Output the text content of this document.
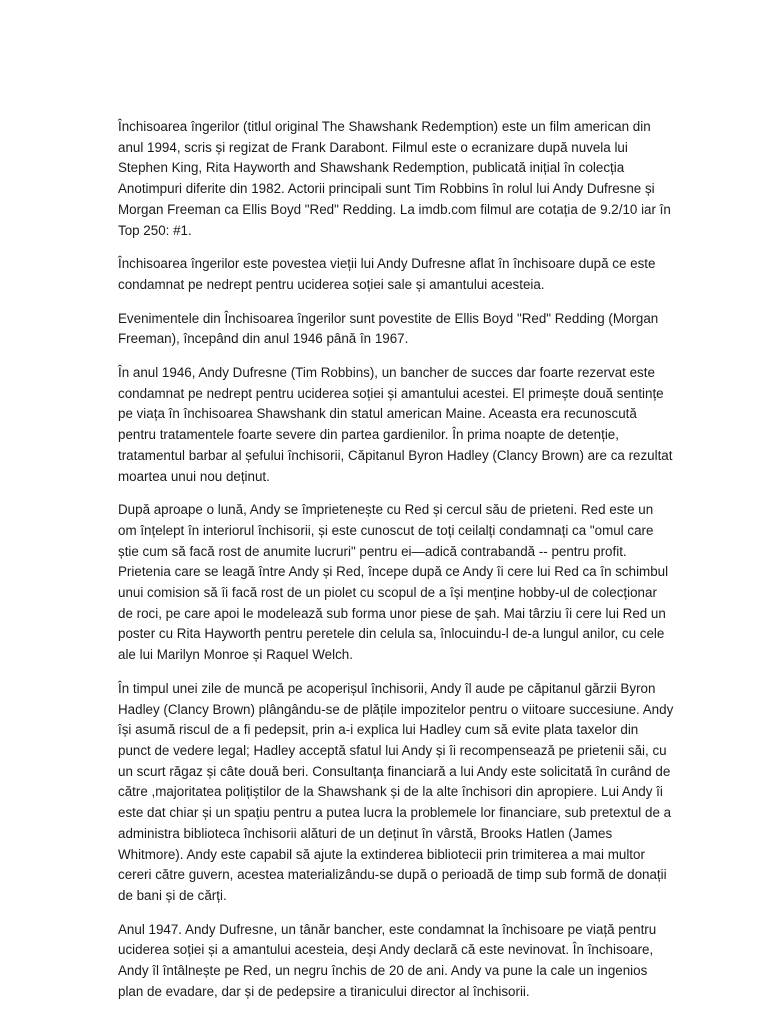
Închisoarea îngerilor (titlul original The Shawshank Redemption) este un film american din anul 1994, scris și regizat de Frank Darabont. Filmul este o ecranizare după nuvela lui Stephen King, Rita Hayworth and Shawshank Redemption, publicată inițial în colecția Anotimpuri diferite din 1982. Actorii principali sunt Tim Robbins în rolul lui Andy Dufresne și Morgan Freeman ca Ellis Boyd "Red" Redding. La imdb.com filmul are cotația de 9.2/10 iar în Top 250: #1.

Închisoarea îngerilor este povestea vieții lui Andy Dufresne aflat în închisoare după ce este condamnat pe nedrept pentru uciderea soției sale și amantului acesteia.

Evenimentele din Închisoarea îngerilor sunt povestite de Ellis Boyd "Red" Redding (Morgan Freeman), începând din anul 1946 până în 1967.

În anul 1946, Andy Dufresne (Tim Robbins), un bancher de succes dar foarte rezervat este condamnat pe nedrept pentru uciderea soției și amantului acestei. El primește două sentințe pe viața în închisoarea Shawshank din statul american Maine. Aceasta era recunoscută pentru tratamentele foarte severe din partea gardienilor. În prima noapte de detenție, tratamentul barbar al șefului închisorii, Căpitanul Byron Hadley (Clancy Brown) are ca rezultat moartea unui nou deținut.

După aproape o lună, Andy se împrietenește cu Red și cercul său de prieteni. Red este un om înțelept în interiorul închisorii, și este cunoscut de toți ceilalți condamnați ca "omul care știe cum să facă rost de anumite lucruri" pentru ei—adică contrabandă -- pentru profit. Prietenia care se leagă între Andy și Red, începe după ce Andy îi cere lui Red ca în schimbul unui comision să îi facă rost de un piolet cu scopul de a își menține hobby-ul de colecționar de roci, pe care apoi le modelează sub forma unor piese de șah. Mai târziu îi cere lui Red un poster cu Rita Hayworth pentru peretele din celula sa, înlocuindu-l de-a lungul anilor, cu cele ale lui Marilyn Monroe și Raquel Welch.

În timpul unei zile de muncă pe acoperișul închisorii, Andy îl aude pe căpitanul gărzii Byron Hadley (Clancy Brown) plângându-se de plățile impozitelor pentru o viitoare succesiune. Andy își asumă riscul de a fi pedepsit, prin a-i explica lui Hadley cum să evite plata taxelor din punct de vedere legal; Hadley acceptă sfatul lui Andy și îi recompensează pe prietenii săi, cu un scurt răgaz și câte două beri. Consultanța financiară a lui Andy este solicitată în curând de către ,majoritatea polițiștilor de la Shawshank și de la alte închisori din apropiere. Lui Andy îi este dat chiar și un spațiu pentru a putea lucra la problemele lor financiare, sub pretextul de a administra biblioteca închisorii alături de un deținut în vârstă, Brooks Hatlen (James Whitmore). Andy este capabil să ajute la extinderea bibliotecii prin trimiterea a mai multor cereri către guvern, acestea materializându-se după o perioadă de timp sub formă de donații de bani și de cărți.

Anul 1947. Andy Dufresne, un tânăr bancher, este condamnat la închisoare pe viață pentru uciderea soției și a amantului acesteia, deși Andy declară că este nevinovat. În închisoare, Andy îl întâlnește pe Red, un negru închis de 20 de ani. Andy va pune la cale un ingenios plan de evadare, dar și de pedepsire a tiranicului director al închisorii.
